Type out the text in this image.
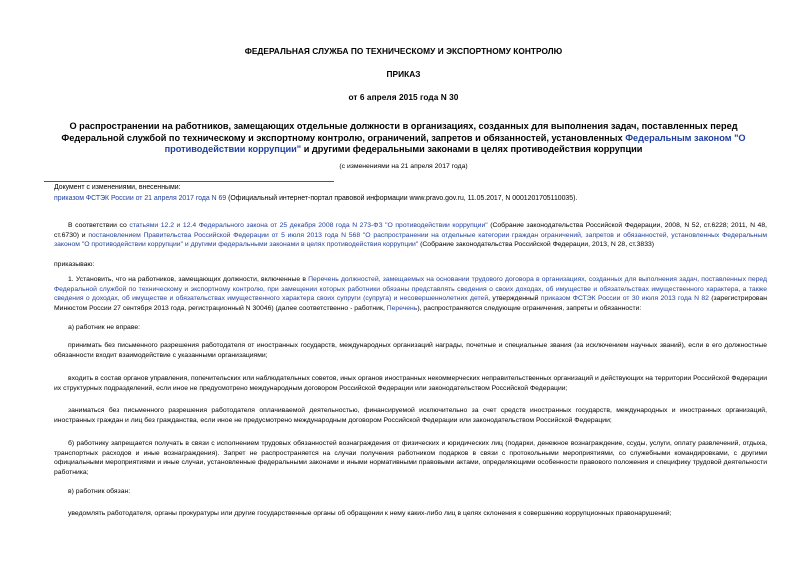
ФЕДЕРАЛЬНАЯ СЛУЖБА ПО ТЕХНИЧЕСКОМУ И ЭКСПОРТНОМУ КОНТРОЛЮ
ПРИКАЗ
от 6 апреля 2015 года N 30
О распространении на работников, замещающих отдельные должности в организациях, созданных для выполнения задач, поставленных перед Федеральной службой по техническому и экспортному контролю, ограничений, запретов и обязанностей, установленных Федеральным законом "О противодействии коррупции" и другими федеральными законами в целях противодействия коррупции
(с изменениями на 21 апреля 2017 года)
Документ с изменениями, внесенными:
приказом ФСТЭК России от 21 апреля 2017 года N 69 (Официальный интернет-портал правовой информации www.pravo.gov.ru, 11.05.2017, N 0001201705110035).
В соответствии со статьями 12.2 и 12.4 Федерального закона от 25 декабря 2008 года N 273-ФЗ "О противодействии коррупции" (Собрание законодательства Российской Федерации, 2008, N 52, ст.6228; 2011, N 48, ст.6730) и постановлением Правительства Российской Федерации от 5 июля 2013 года N 568 "О распространении на отдельные категории граждан ограничений, запретов и обязанностей, установленных Федеральным законом "О противодействии коррупции" и другими федеральными законами в целях противодействия коррупции" (Собрание законодательства Российской Федерации, 2013, N 28, ст.3833)
приказываю:
1. Установить, что на работников, замещающих должности, включенные в Перечень должностей, замещаемых на основании трудового договора в организациях, созданных для выполнения задач, поставленных перед Федеральной службой по техническому и экспортному контролю, при замещении которых работники обязаны представлять сведения о своих доходах, об имуществе и обязательствах имущественного характера, а также сведения о доходах, об имуществе и обязательствах имущественного характера своих супруги (супруга) и несовершеннолетних детей, утвержденный приказом ФСТЭК России от 30 июля 2013 года N 82 (зарегистрирован Минюстом России 27 сентября 2013 года, регистрационный N 30046) (далее соответственно - работник, Перечень), распространяются следующие ограничения, запреты и обязанности:
а) работник не вправе:
принимать без письменного разрешения работодателя от иностранных государств, международных организаций награды, почетные и специальные звания (за исключением научных званий), если в его должностные обязанности входит взаимодействие с указанными организациями;
входить в состав органов управления, попечительских или наблюдательных советов, иных органов иностранных некоммерческих неправительственных организаций и действующих на территории Российской Федерации их структурных подразделений, если иное не предусмотрено международным договором Российской Федерации или законодательством Российской Федерации;
заниматься без письменного разрешения работодателя оплачиваемой деятельностью, финансируемой исключительно за счет средств иностранных государств, международных и иностранных организаций, иностранных граждан и лиц без гражданства, если иное не предусмотрено международным договором Российской Федерации или законодательством Российской Федерации;
б) работнику запрещается получать в связи с исполнением трудовых обязанностей вознаграждения от физических и юридических лиц (подарки, денежное вознаграждение, ссуды, услуги, оплату развлечений, отдыха, транспортных расходов и иные вознаграждения). Запрет не распространяется на случаи получения работником подарков в связи с протокольными мероприятиями, со служебными командировками, с другими официальными мероприятиями и иные случаи, установленные федеральными законами и иными нормативными правовыми актами, определяющими особенности правового положения и специфику трудовой деятельности работника;
в) работник обязан:
уведомлять работодателя, органы прокуратуры или другие государственные органы об обращении к нему каких-либо лиц в целях склонения к совершению коррупционных правонарушений;
